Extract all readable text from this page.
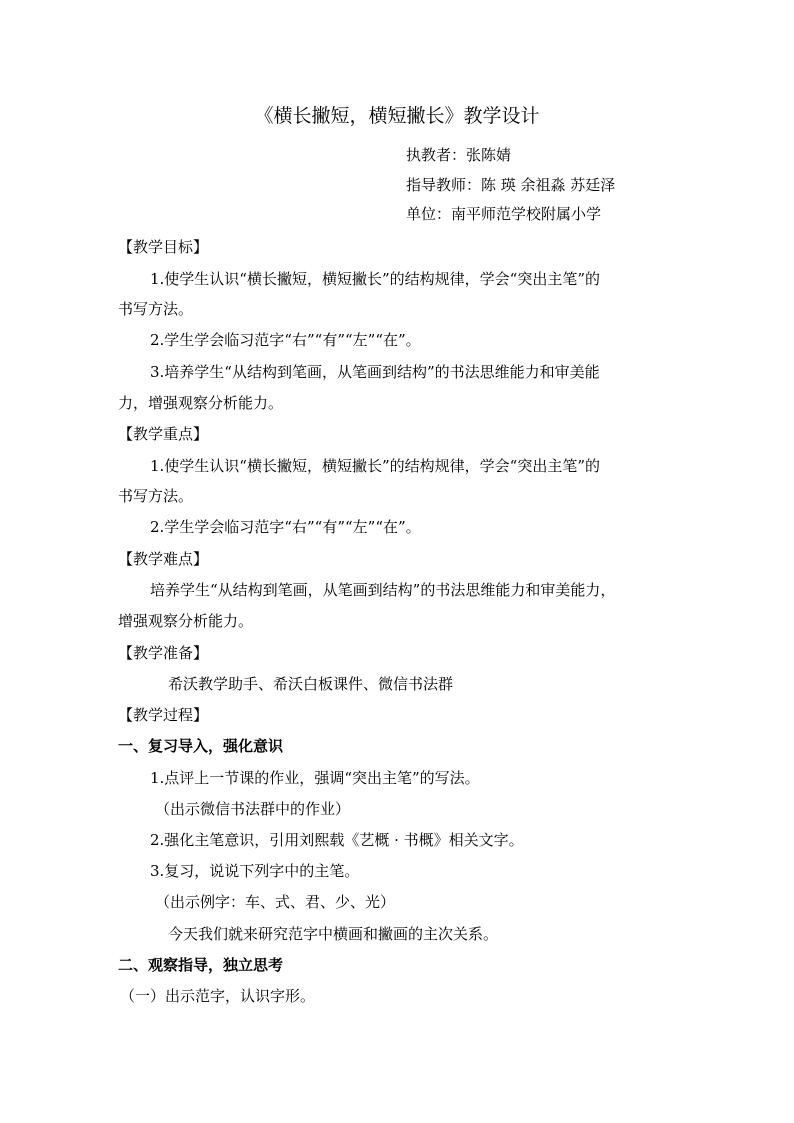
《横长撇短，横短撇长》教学设计
执教者：张陈婧
指导教师：陈 瑛 余祖淼 苏廷泽
单位：南平师范学校附属小学
【教学目标】
1.使学生认识“横长撇短，横短撇长”的结构规律，学会“突出主笔”的
书写方法。
2.学生学会临习范字“右”“有”“左”“在”。
3.培养学生“从结构到笔画，从笔画到结构”的书法思维能力和审美能
力，增强观察分析能力。
【教学重点】
1.使学生认识“横长撇短，横短撇长”的结构规律，学会“突出主笔”的
书写方法。
2.学生学会临习范字“右”“有”“左”“在”。
【教学难点】
培养学生“从结构到笔画，从笔画到结构”的书法思维能力和审美能力，
增强观察分析能力。
【教学准备】
希沃教学助手、希沃白板课件、微信书法群
【教学过程】
一、复习导入，强化意识
1.点评上一节课的作业，强调“突出主笔”的写法。
（出示微信书法群中的作业）
2.强化主笔意识，引用刘熙载《艺概 · 书概》相关文字。
3.复习，说说下列字中的主笔。
（出示例字：车、式、君、少、光）
今天我们就来研究范字中横画和撇画的主次关系。
二、观察指导，独立思考
（一）出示范字，认识字形。
